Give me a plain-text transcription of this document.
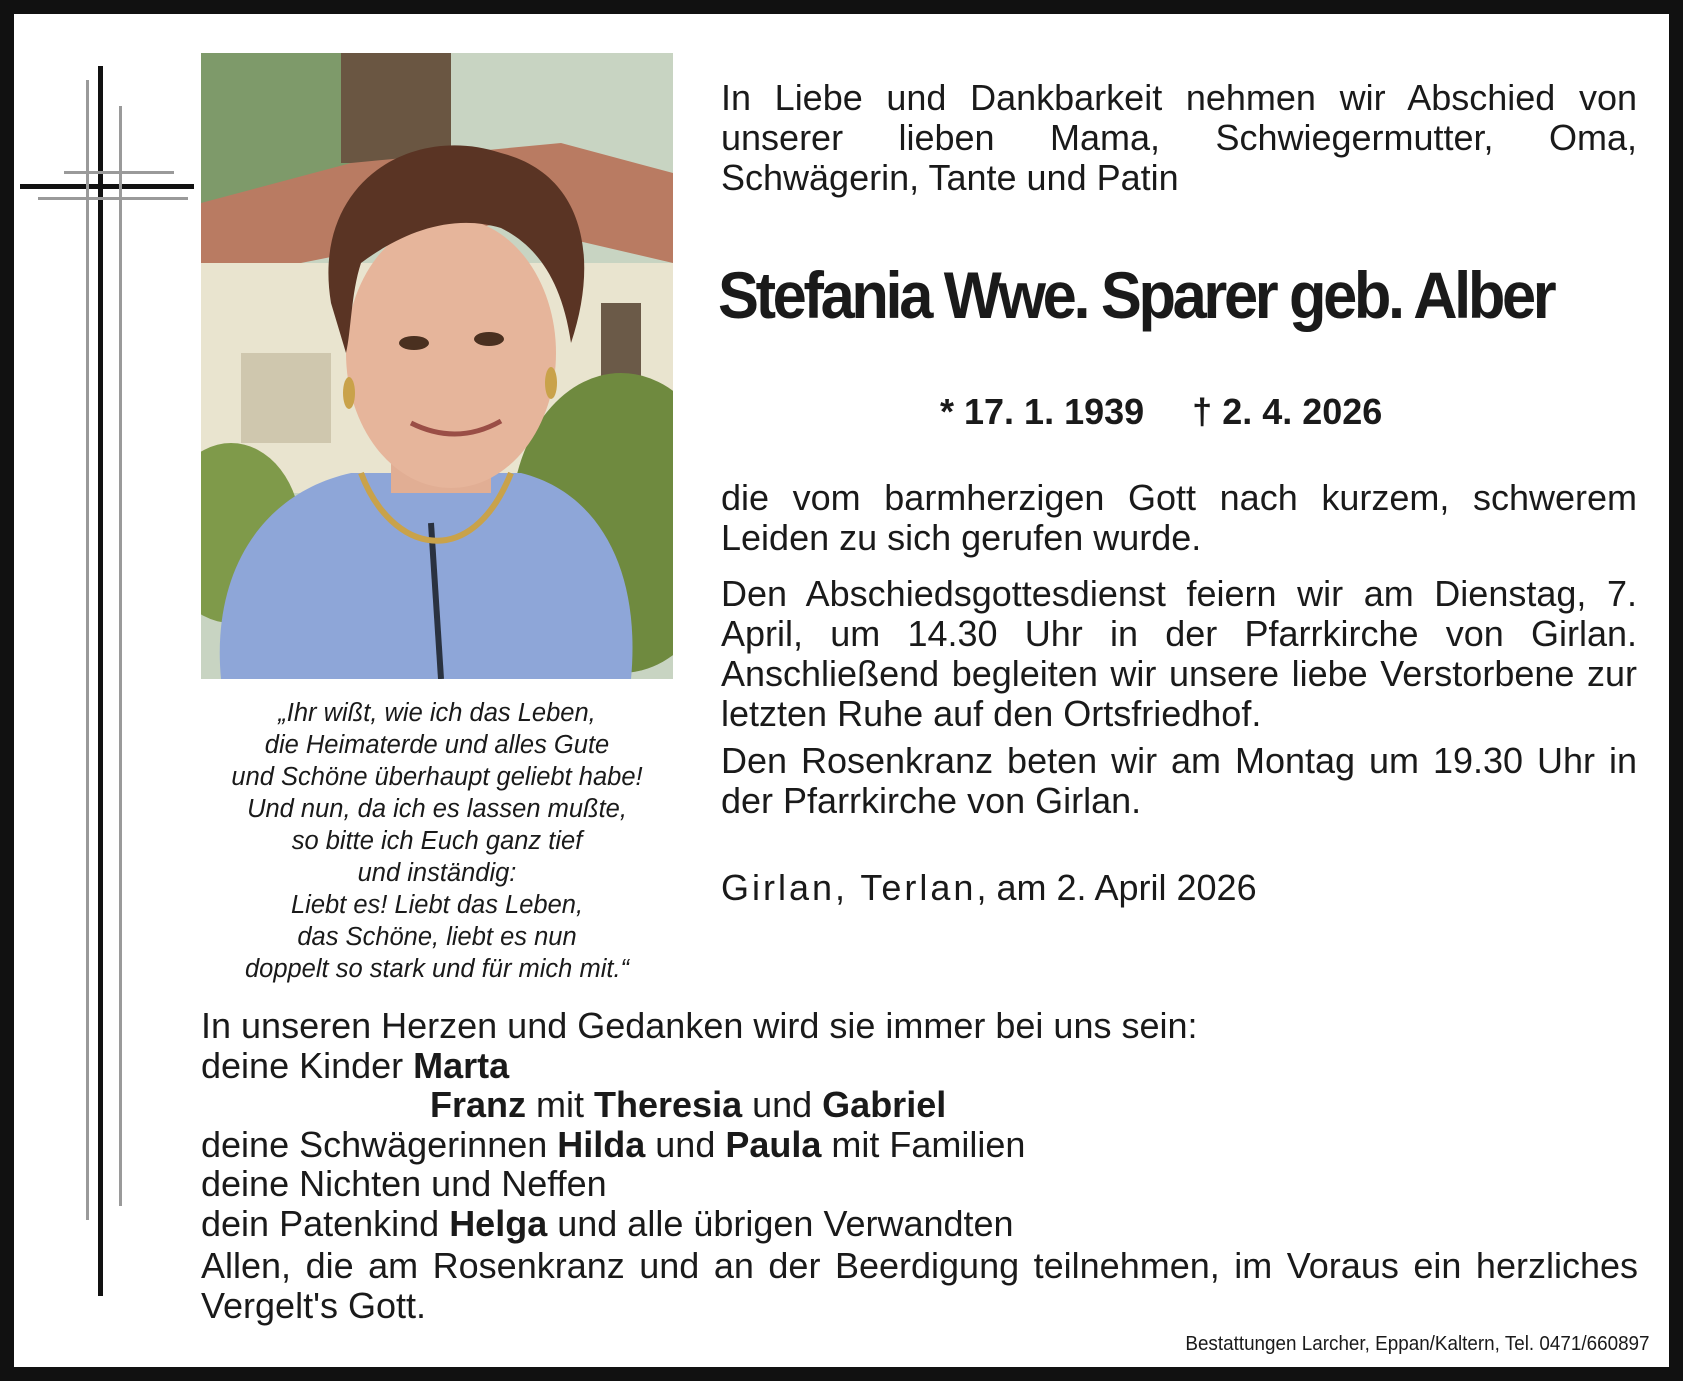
„Ihr wißt, wie ich das Leben,
die Heimaterde und alles Gute
und Schöne überhaupt geliebt habe!
Und nun, da ich es lassen mußte,
so bitte ich Euch ganz tief
und inständig:
Liebt es! Liebt das Leben,
das Schöne, liebt es nun
doppelt so stark und für mich mit.“
In Liebe und Dankbarkeit nehmen wir Abschied von unserer lieben Mama, Schwiegermutter, Oma, Schwägerin, Tante und Patin
Stefania Wwe. Sparer geb. Alber
* 17. 1. 1939 † 2. 4. 2026
die vom barmherzigen Gott nach kurzem, schwerem Leiden zu sich gerufen wurde.
Den Abschiedsgottesdienst feiern wir am Dienstag, 7. April, um 14.30 Uhr in der Pfarrkirche von Girlan. Anschließend begleiten wir unsere liebe Verstorbene zur letzten Ruhe auf den Ortsfriedhof.
Den Rosenkranz beten wir am Montag um 19.30 Uhr in der Pfarrkirche von Girlan.
Girlan, Terlan, am 2. April 2026
In unseren Herzen und Gedanken wird sie immer bei uns sein:
deine Kinder Marta
Franz mit Theresia und Gabriel
deine Schwägerinnen Hilda und Paula mit Familien
deine Nichten und Neffen
dein Patenkind Helga und alle übrigen Verwandten
Allen, die am Rosenkranz und an der Beerdigung teilnehmen, im Voraus ein herzliches Vergelt's Gott.
Bestattungen Larcher, Eppan/Kaltern, Tel. 0471/660897
